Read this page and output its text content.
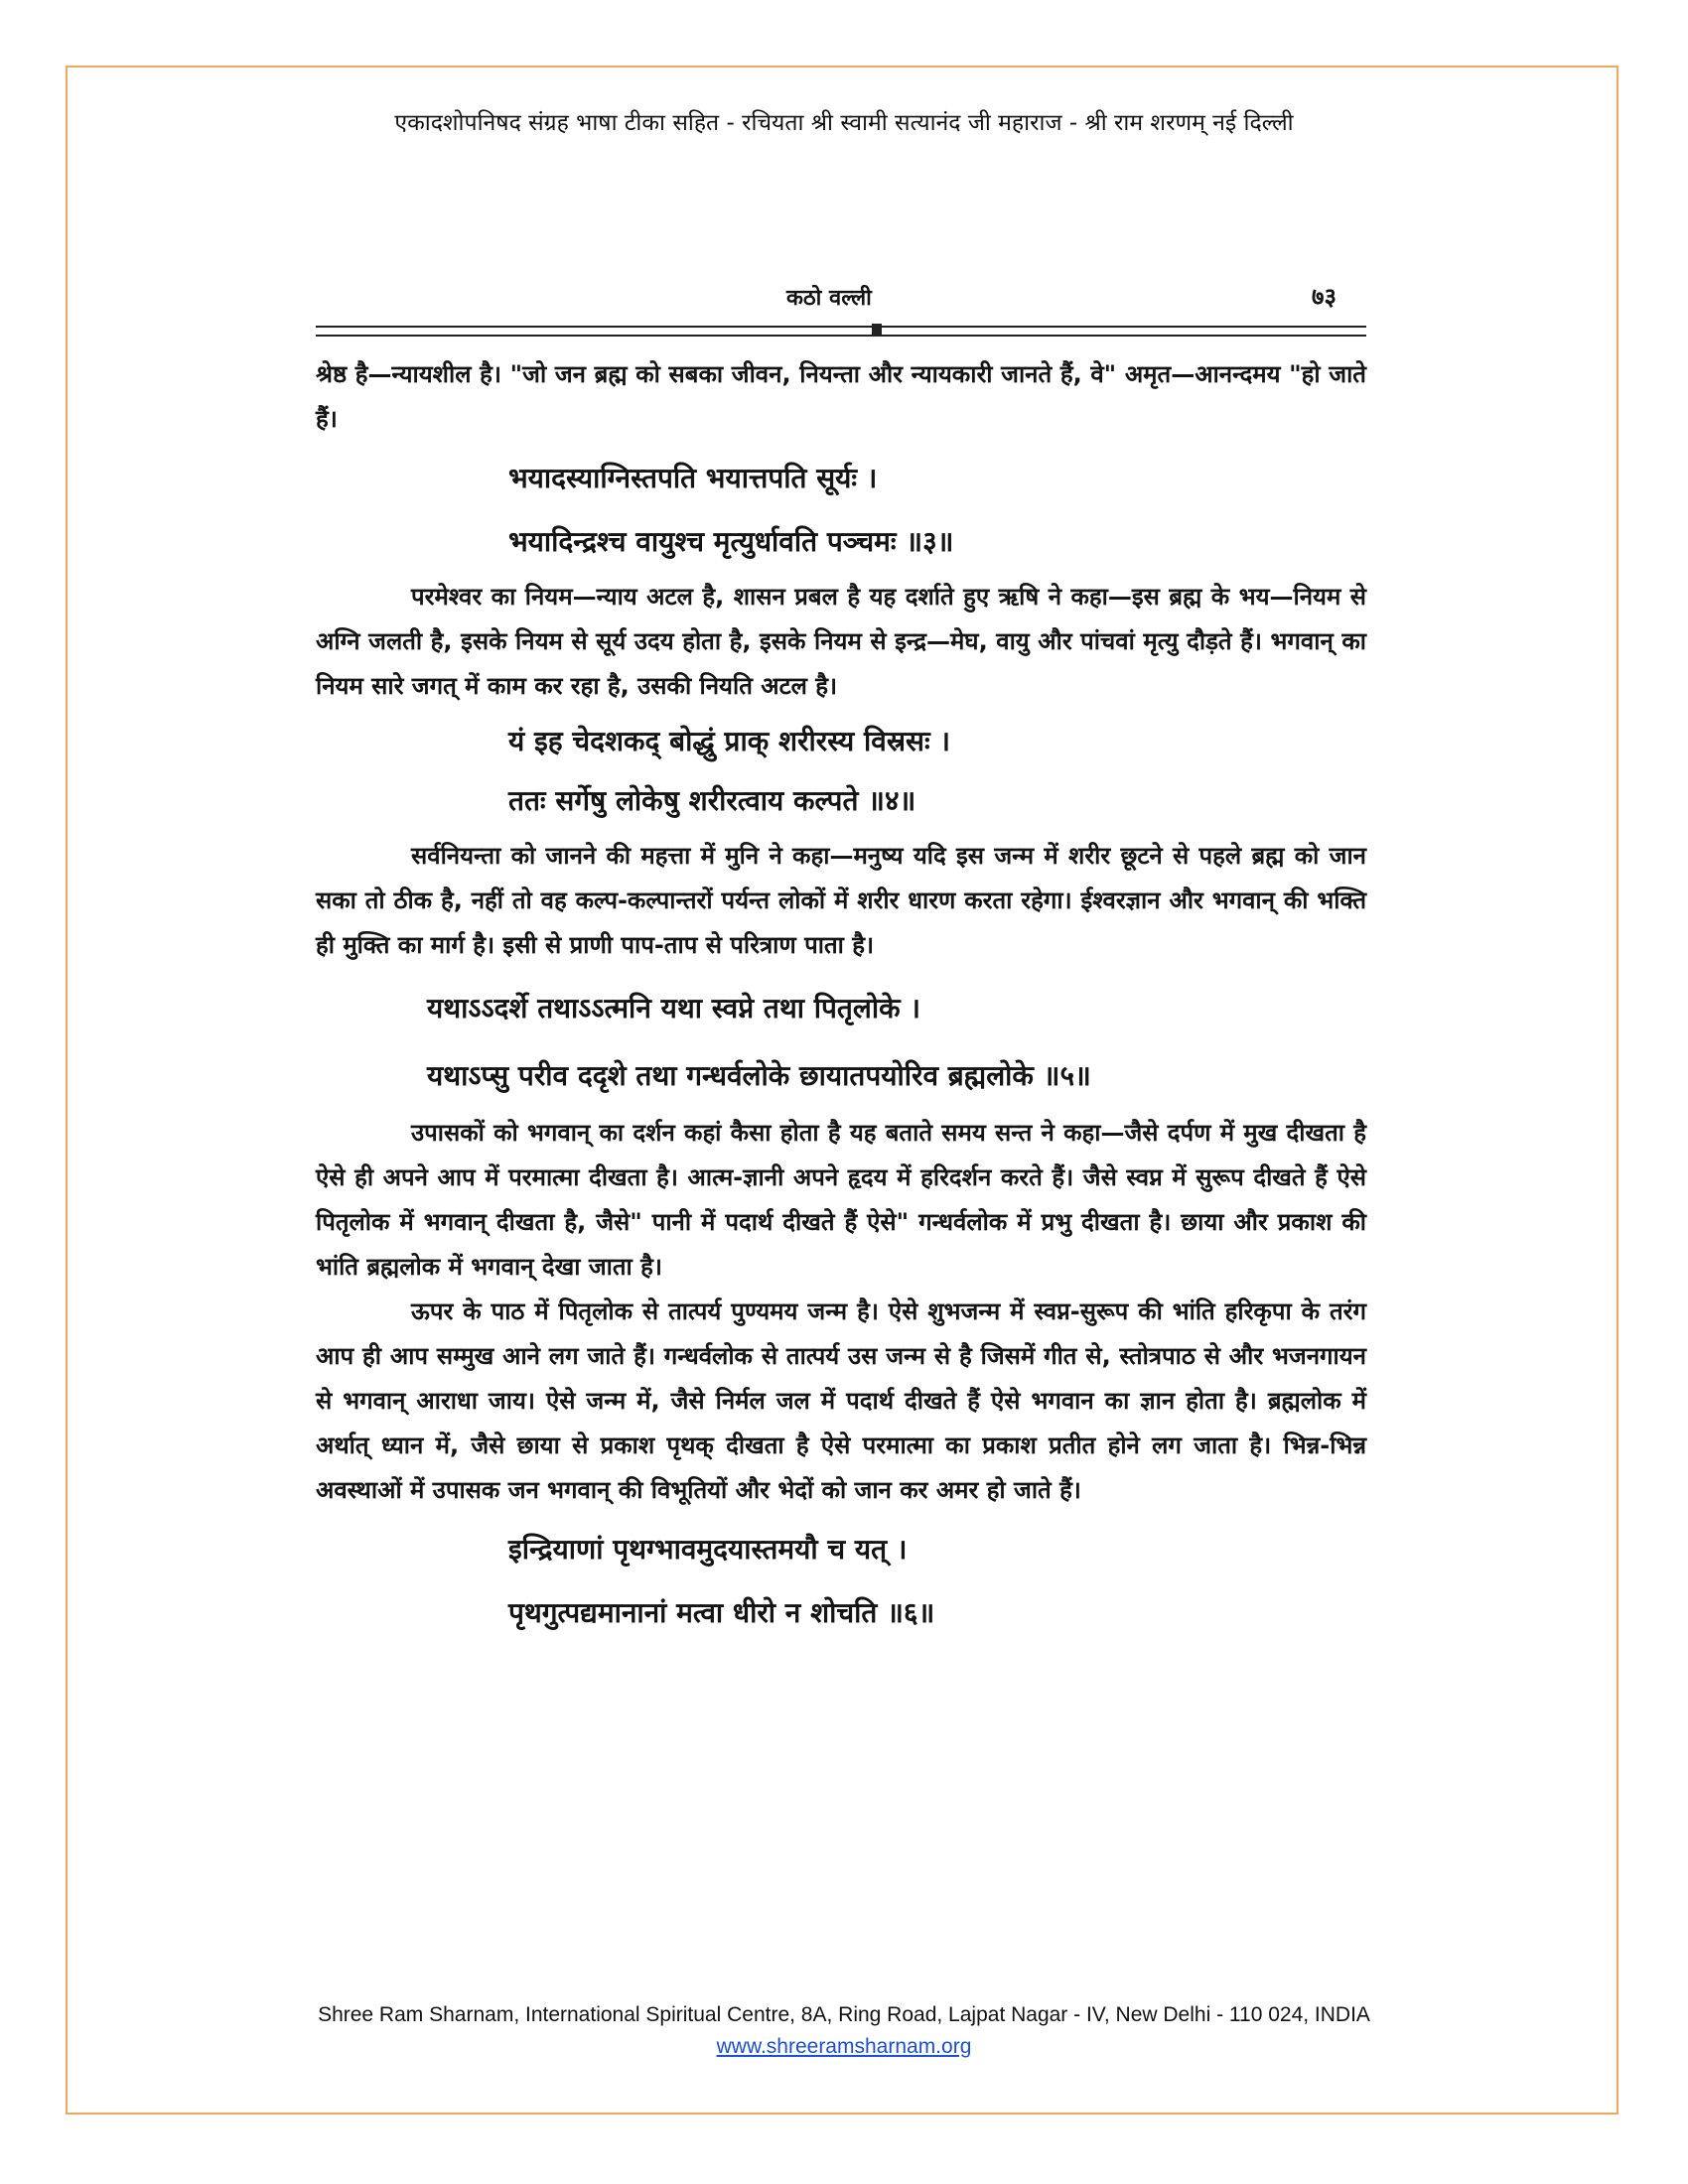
एकादशोपनिषद संग्रह भाषा टीका सहित - रचियता श्री स्वामी सत्यानंद जी महाराज - श्री राम शरणम् नई दिल्ली
कठो वल्ली	७३

श्रेष्ठ है—न्यायशील है। "जो जन ब्रह्म को सबका जीवन, नियन्ता और न्यायकारी जानते हैं, वे" अमृत—आनन्दमय "हो जाते हैं।

भयादस्याग्निस्तपति भयात्तपति सूर्यः ।

भयादिन्द्रश्च वायुश्च मृत्युर्धावति पञ्चमः ॥३॥

परमेश्वर का नियम—न्याय अटल है, शासन प्रबल है यह दर्शाते हुए ऋषि ने कहा—इस ब्रह्म के भय—नियम से अग्नि जलती है, इसके नियम से सूर्य उदय होता है, इसके नियम से इन्द्र—मेघ, वायु और पांचवां मृत्यु दौड़ते हैं। भगवान् का नियम सारे जगत् में काम कर रहा है, उसकी नियति अटल है।

यं इह चेदशकद् बोद्धुं प्राक् शरीरस्य विस्रसः ।

ततः सर्गेषु लोकेषु शरीरत्वाय कल्पते ॥४॥

सर्वनियन्ता को जानने की महत्ता में मुनि ने कहा—मनुष्य यदि इस जन्म में शरीर छूटने से पहले ब्रह्म को जान सका तो ठीक है, नहीं तो वह कल्प-कल्पान्तरों पर्यन्त लोकों में शरीर धारण करता रहेगा। ईश्वरज्ञान और भगवान् की भक्ति ही मुक्ति का मार्ग है। इसी से प्राणी पाप-ताप से परित्राण पाता है।

यथाऽऽदर्शे तथाऽऽत्मनि यथा स्वप्ने तथा पितृलोके ।

यथाऽप्सु परीव ददृशे तथा गन्धर्वलोके छायातपयोरिव ब्रह्मलोके ॥५॥

उपासकों को भगवान् का दर्शन कहां कैसा होता है यह बताते समय सन्त ने कहा—जैसे दर्पण में मुख दीखता है ऐसे ही अपने आप में परमात्मा दीखता है। आत्म-ज्ञानी अपने हृदय में हरिदर्शन करते हैं। जैसे स्वप्न में सुरूप दीखते हैं ऐसे पितृलोक में भगवान् दीखता है, जैसे" पानी में पदार्थ दीखते हैं ऐसे" गन्धर्वलोक में प्रभु दीखता है। छाया और प्रकाश की भांति ब्रह्मलोक में भगवान् देखा जाता है।

ऊपर के पाठ में पितृलोक से तात्पर्य पुण्यमय जन्म है। ऐसे शुभजन्म में स्वप्न-सुरूप की भांति हरिकृपा के तरंग आप ही आप सम्मुख आने लग जाते हैं। गन्धर्वलोक से तात्पर्य उस जन्म से है जिसमें गीत से, स्तोत्रपाठ से और भजनगायन से भगवान् आराधा जाय। ऐसे जन्म में, जैसे निर्मल जल में पदार्थ दीखते हैं ऐसे भगवान का ज्ञान होता है। ब्रह्मलोक में अर्थात् ध्यान में, जैसे छाया से प्रकाश पृथक् दीखता है ऐसे परमात्मा का प्रकाश प्रतीत होने लग जाता है। भिन्न-भिन्न अवस्थाओं में उपासक जन भगवान् की विभूतियों और भेदों को जान कर अमर हो जाते हैं।

इन्द्रियाणां पृथग्भावमुदयास्तमयौ च यत् ।

पृथगुत्पद्यमानानां मत्वा धीरो न शोचति ॥६॥

Shree Ram Sharnam, International Spiritual Centre, 8A, Ring Road, Lajpat Nagar - IV, New Delhi - 110 024, INDIA
www.shreeramsharnam.org
